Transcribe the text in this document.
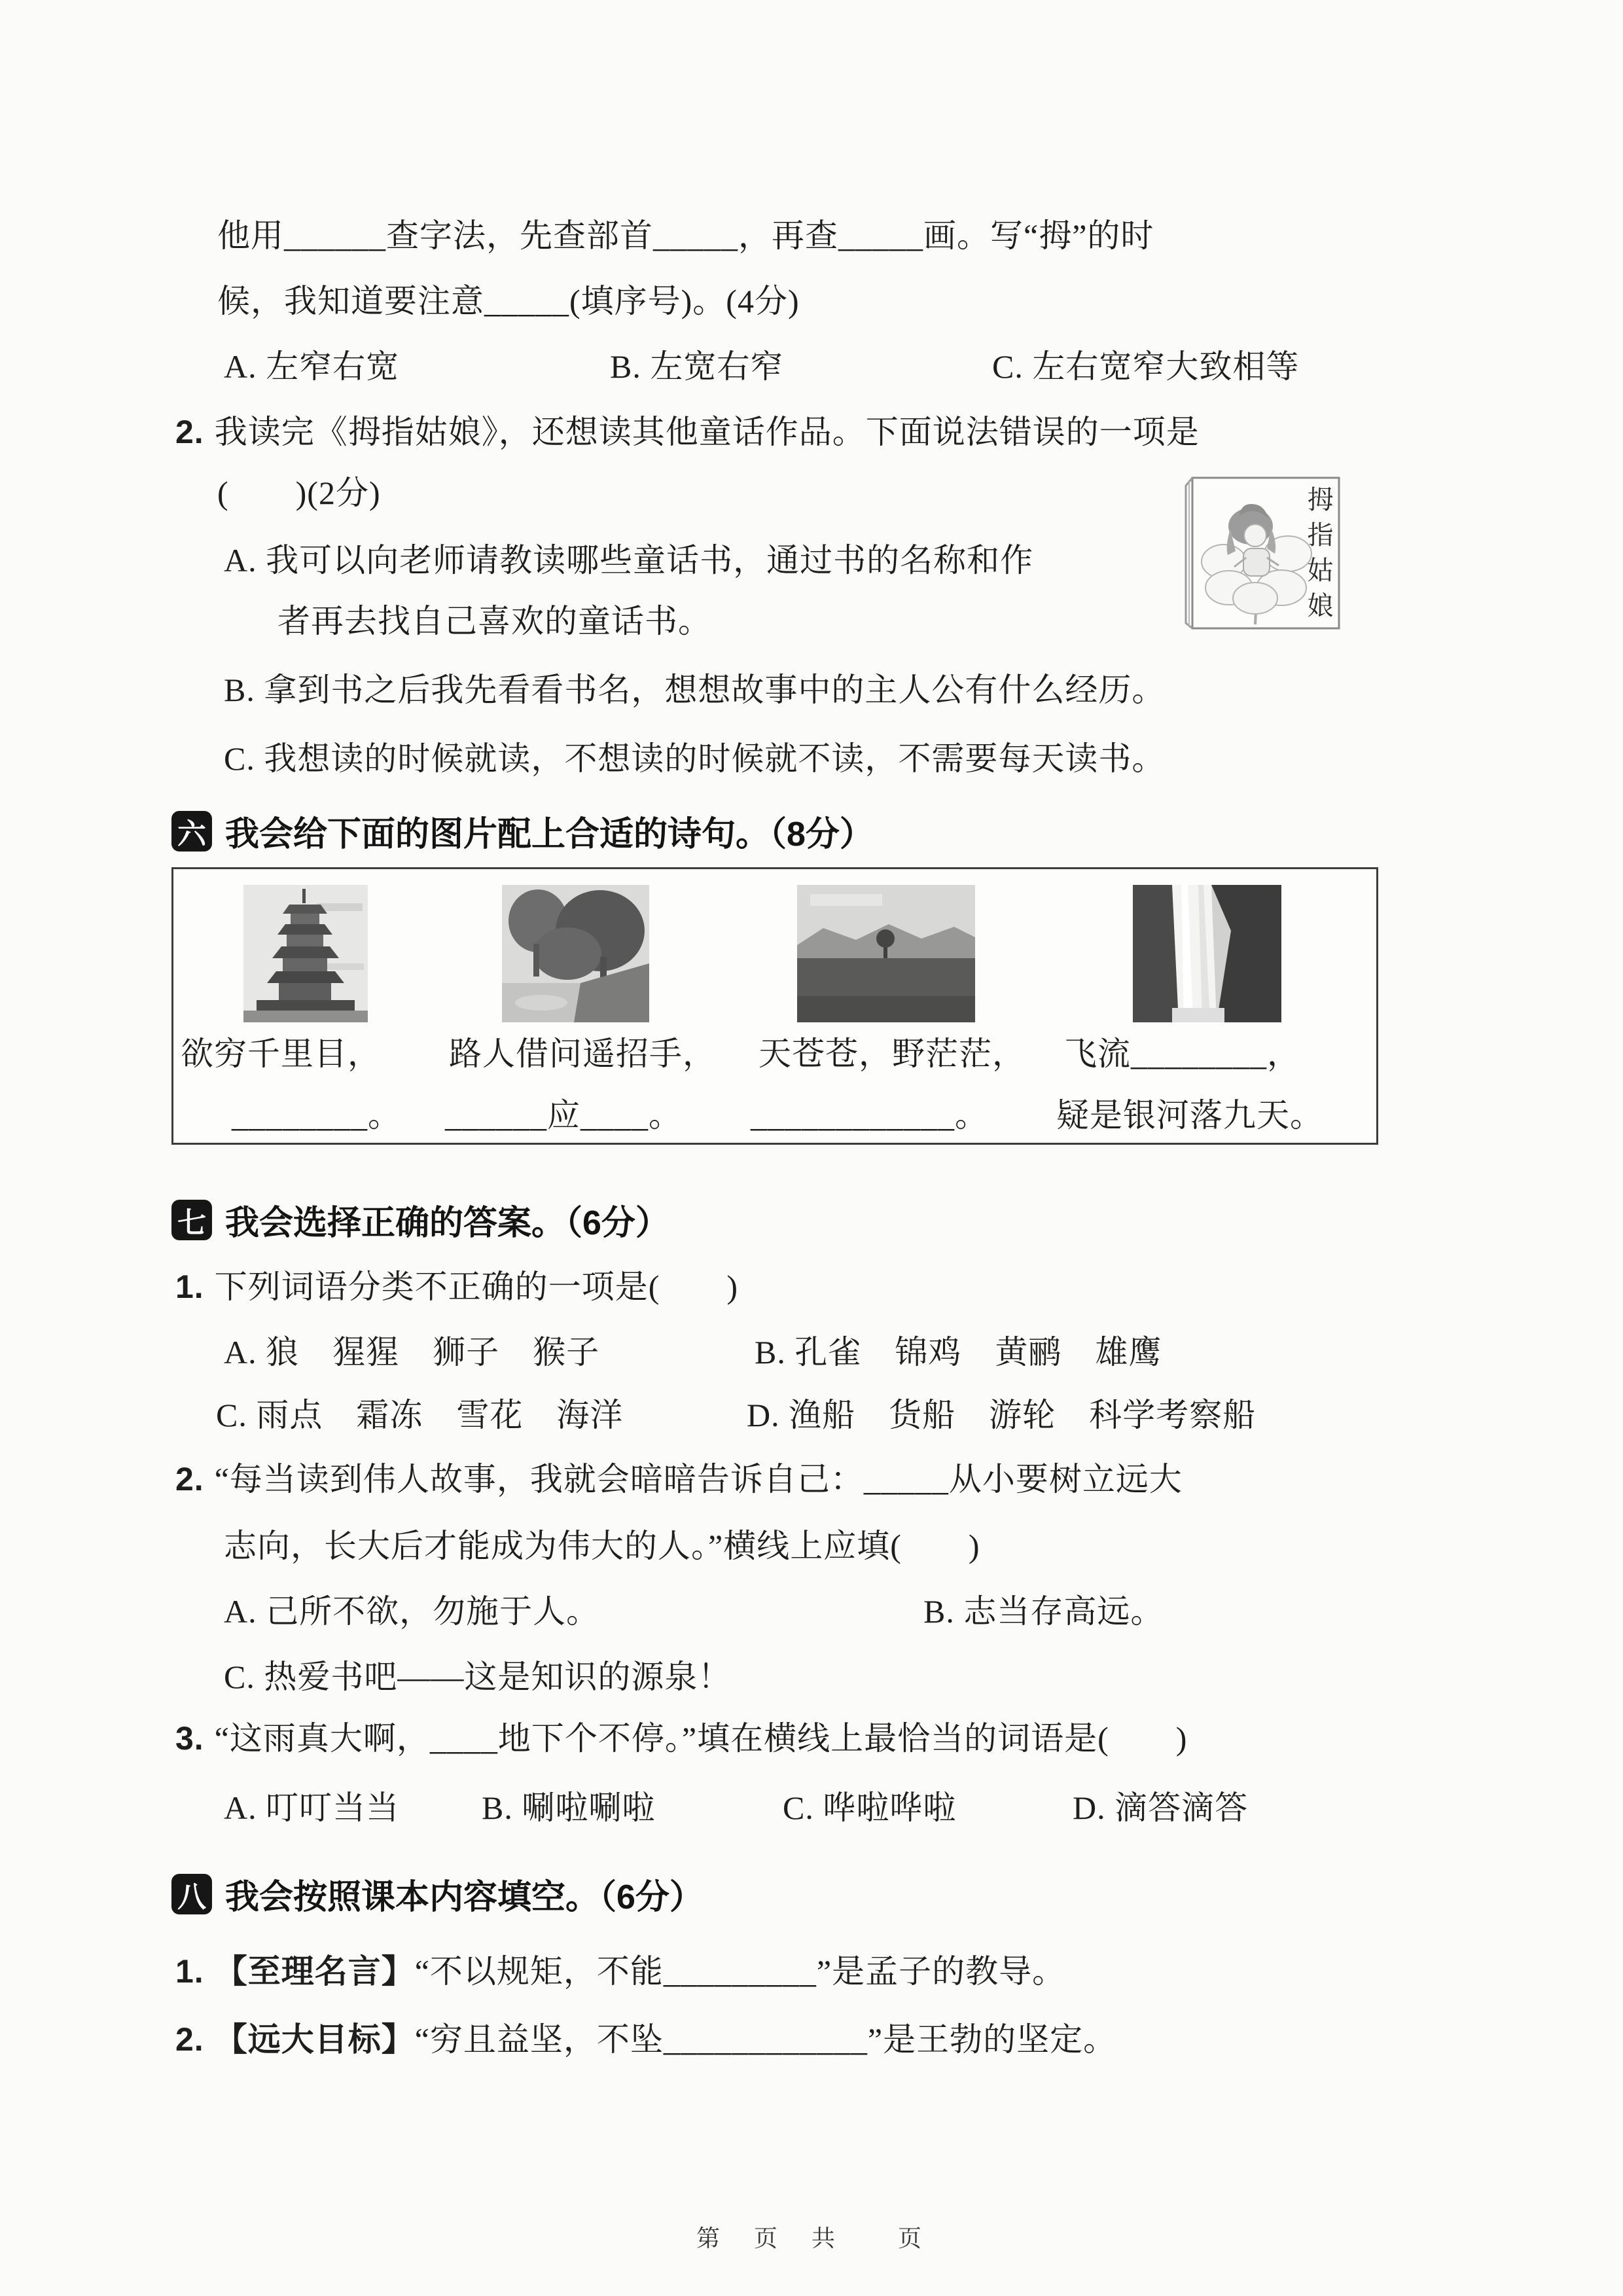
他用______查字法，先查部首_____，再查_____画。写“拇”的时
候，我知道要注意_____(填序号)。(4分)
A. 左窄右宽	B. 左宽右窄	C. 左右宽窄大致相等
2. 我读完《拇指姑娘》，还想读其他童话作品。下面说法错误的一项是
(　　)(2分)
A. 我可以向老师请教读哪些童话书，通过书的名称和作
者再去找自己喜欢的童话书。
B. 拿到书之后我先看看书名，想想故事中的主人公有什么经历。
C. 我想读的时候就读，不想读的时候就不读，不需要每天读书。
拇指姑娘
六 我会给下面的图片配上合适的诗句。（8分）
欲穷千里目， 路人借问遥招手， 天苍苍，野茫茫， 飞流________，
________。 ______应____。 ____________。 疑是银河落九天。
七 我会选择正确的答案。（6分）
1. 下列词语分类不正确的一项是(　　)
A. 狼　猩猩　狮子　猴子	B. 孔雀　锦鸡　黄鹂　雄鹰
C. 雨点　霜冻　雪花　海洋	D. 渔船　货船　游轮　科学考察船
2. “每当读到伟人故事，我就会暗暗告诉自己：_____从小要树立远大
志向，长大后才能成为伟大的人。”横线上应填(　　)
A. 己所不欲，勿施于人。	B. 志当存高远。
C. 热爱书吧——这是知识的源泉！
3. “这雨真大啊，____地下个不停。”填在横线上最恰当的词语是(　　)
A. 叮叮当当	B. 唰啦唰啦	C. 哗啦哗啦	D. 滴答滴答
八 我会按照课本内容填空。（6分）
1. 【至理名言】“不以规矩，不能_________”是孟子的教导。
2. 【远大目标】“穷且益坚，不坠____________”是王勃的坚定。
第　页　共　　页
